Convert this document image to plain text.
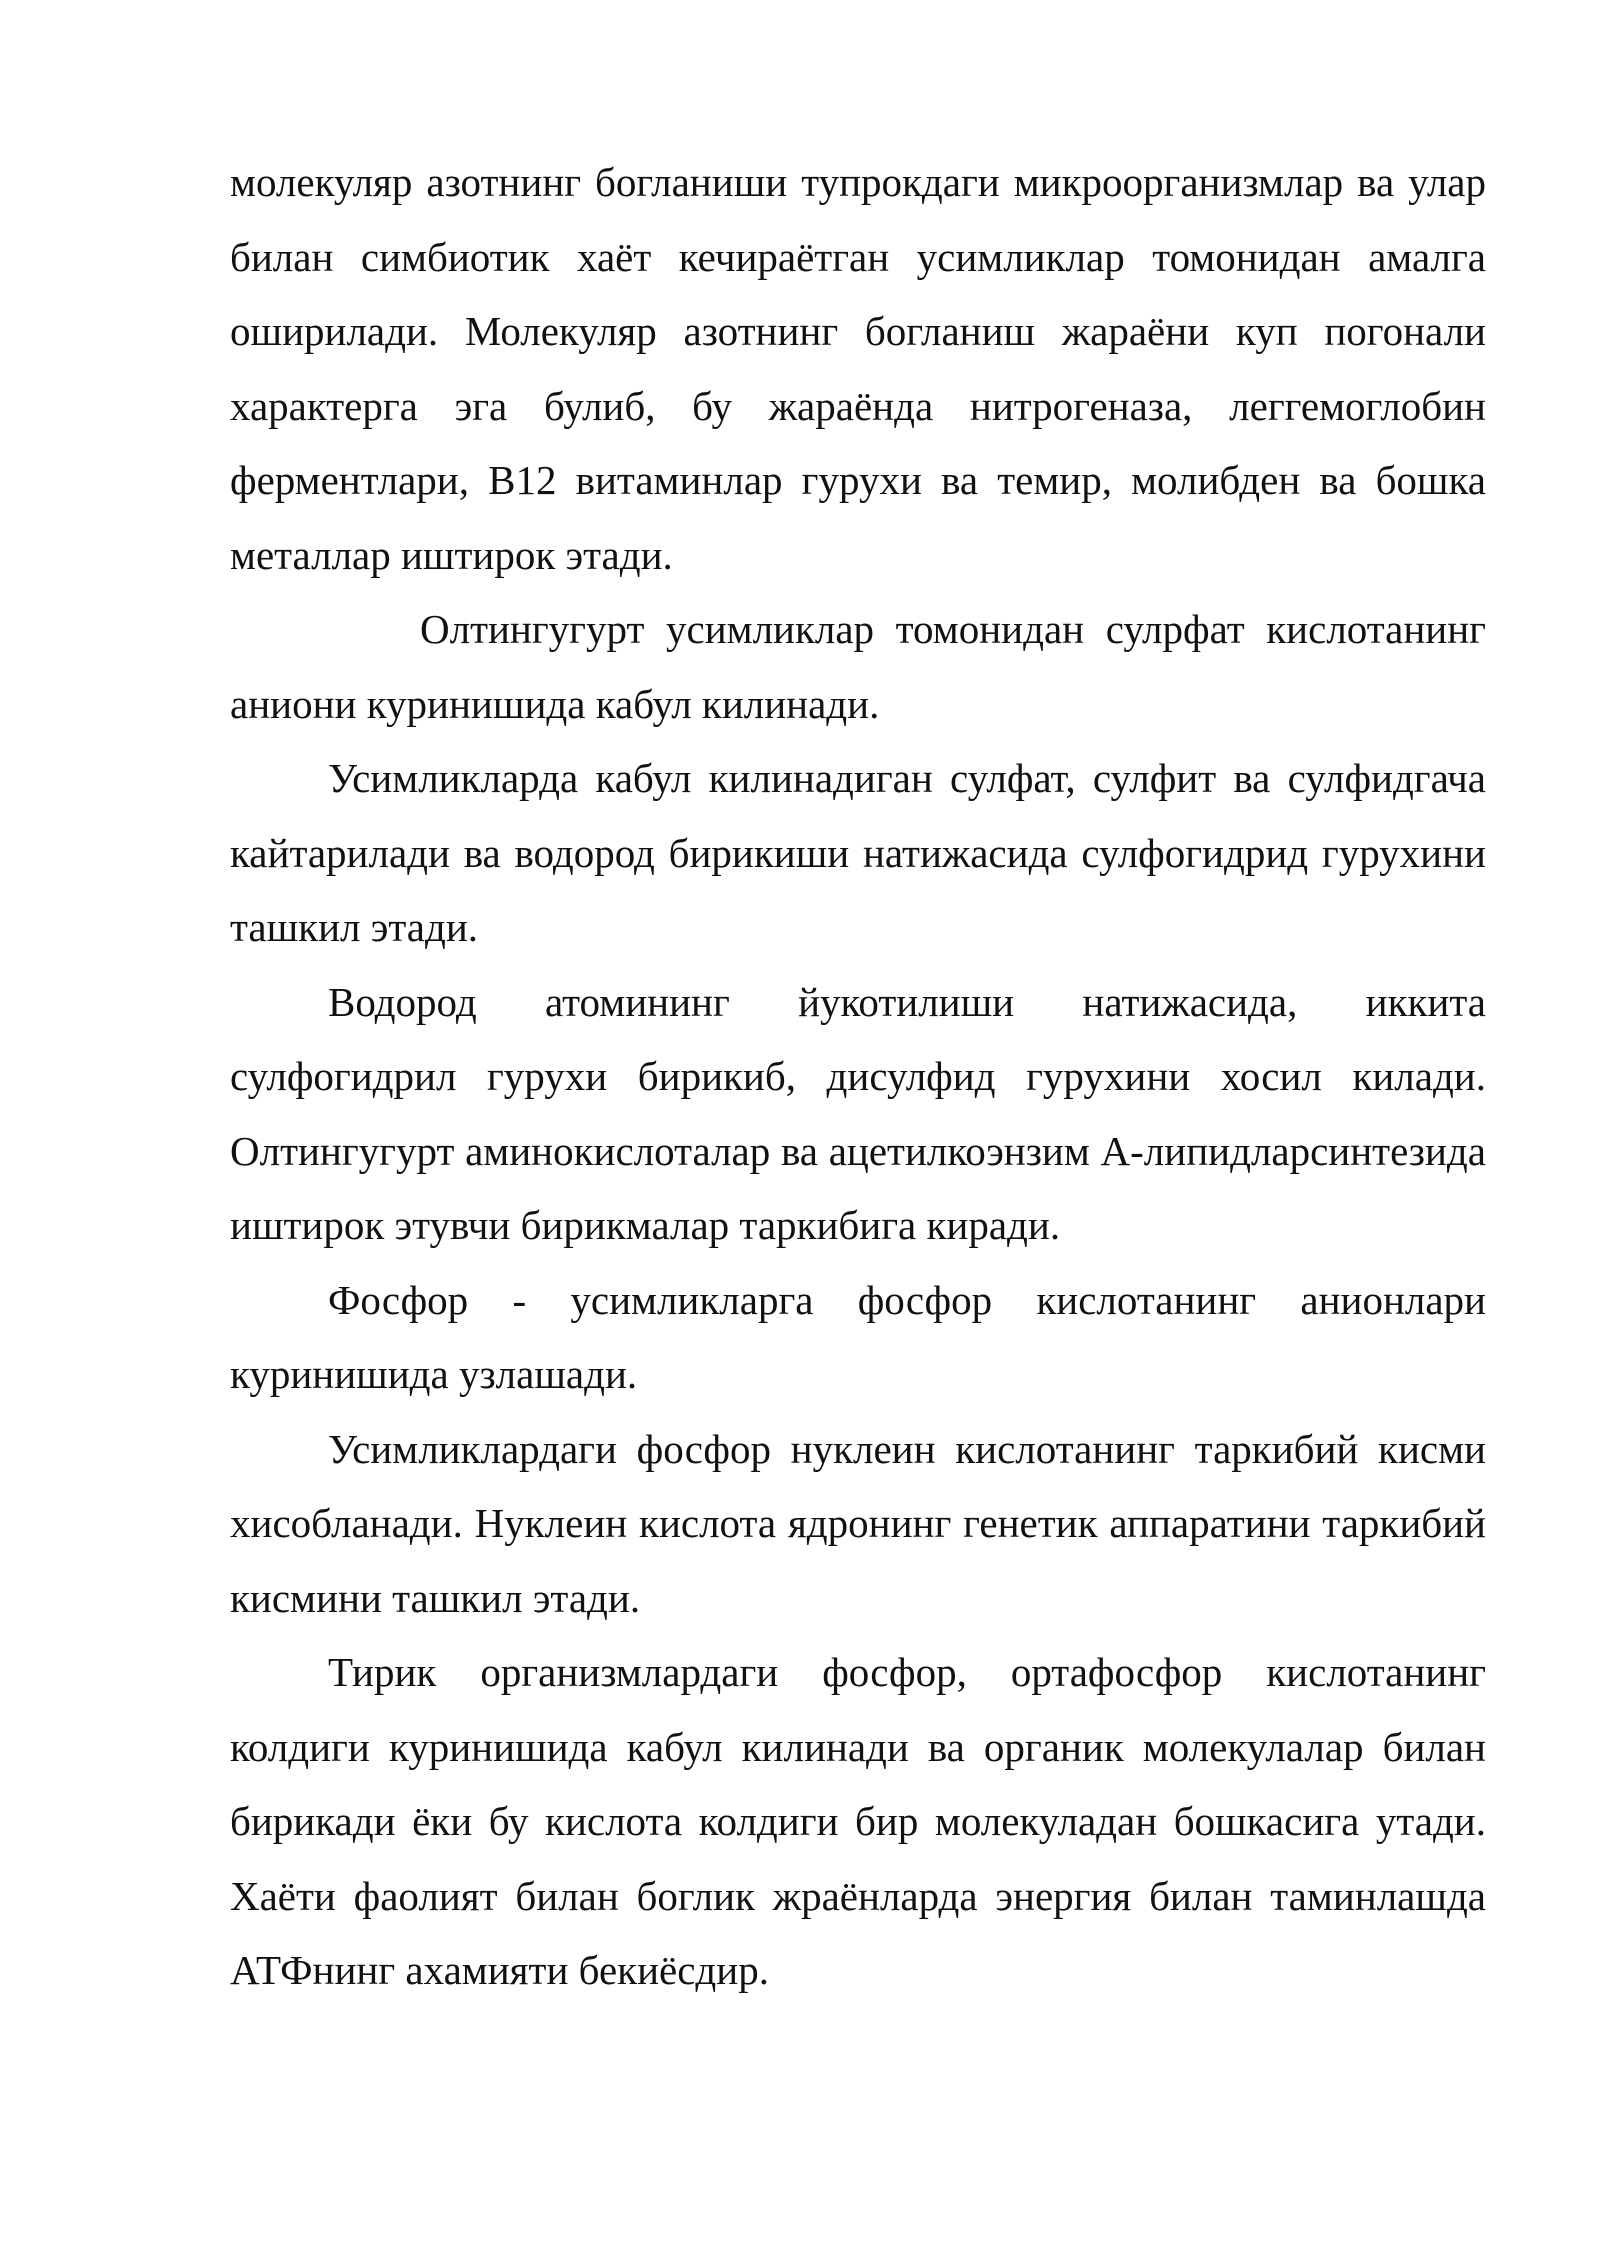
молекуляр азотнинг богланиши тупрокдаги микроорганизмлар ва улар билан симбиотик хаёт кечираётган усимликлар томонидан амалга оширилади. Молекуляр азотнинг богланиш жараёни куп погонали характерга эга булиб, бу жараёнда нитрогеназа, леггемоглобин ферментлари, В12 витаминлар гурухи ва темир, молибден ва бошка металлар иштирок этади.

Олтингугурт усимликлар томонидан сулрфат кислотанинг аниони куринишида кабул килинади.

Усимликларда кабул килинадиган сулфат, сулфит ва сулфидгача кайтарилади ва водород бирикиши натижасида сулфогидрид гурухини ташкил этади.

Водород атомининг йукотилиши натижасида, иккита сулфогидрил гурухи бирикиб, дисулфид гурухини хосил килади. Олтингугурт аминокислоталар ва ацетилкоэнзим А-липидларсинтезида иштирок этувчи бирикмалар таркибига киради.

Фосфор - усимликларга фосфор кислотанинг анионлари куринишида узлашади.

Усимликлардаги фосфор нуклеин кислотанинг таркибий кисми хисобланади. Нуклеин кислота ядронинг генетик аппаратини таркибий кисмини ташкил этади.

Тирик организмлардаги фосфор, ортафосфор кислотанинг колдиги куринишида кабул килинади ва органик молекулалар билан бирикади ёки бу кислота колдиги бир молекуладан бошкасига утади. Хаёти фаолият билан боглик жраёнларда энергия билан таминлашда АТФнинг ахамияти бекиёсдир.
